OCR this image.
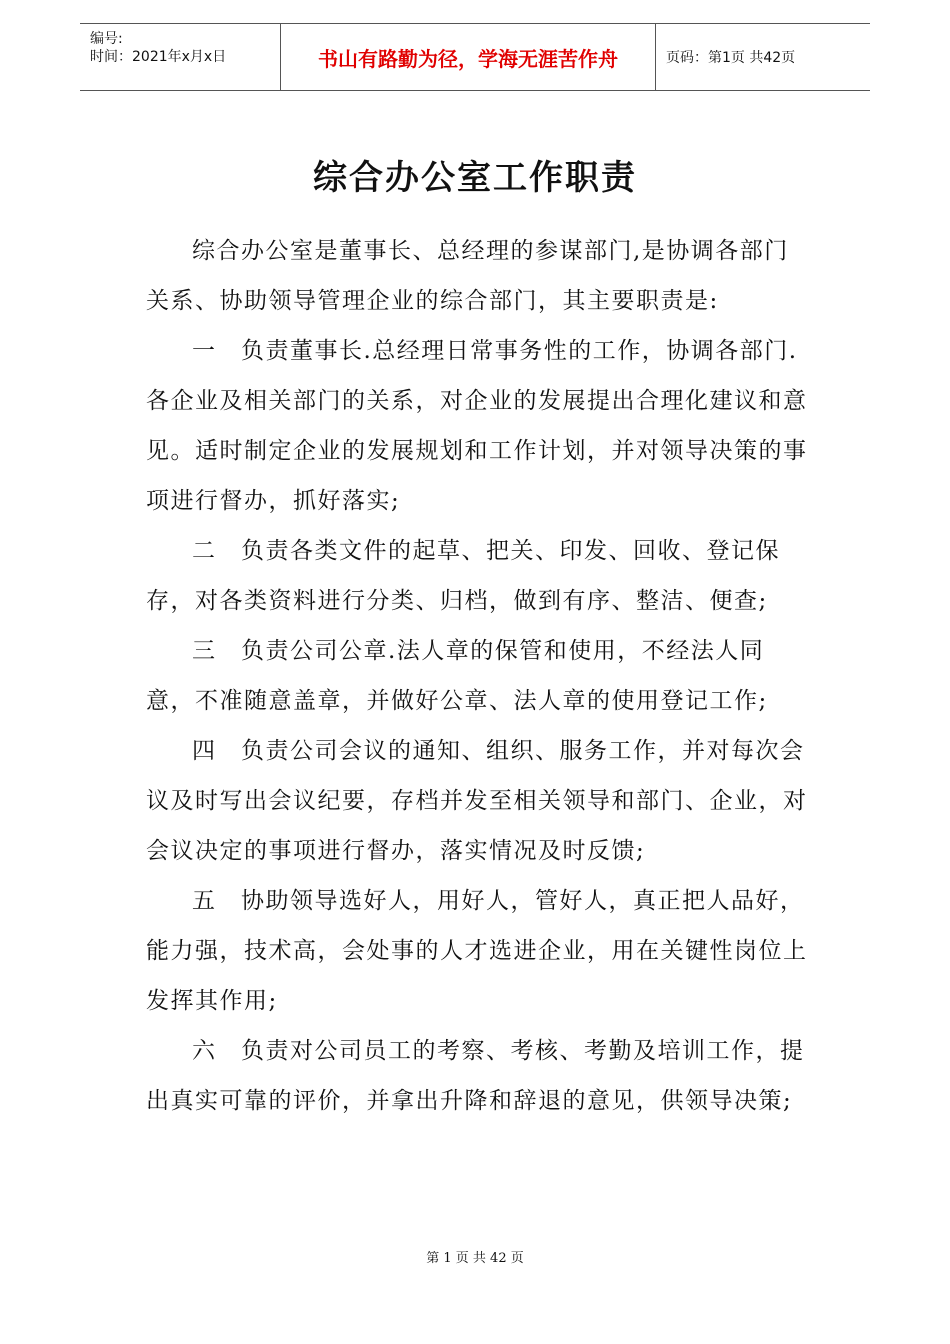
编号:
时间：2021年x月x日	书山有路勤为径，学海无涯苦作舟	页码：第1页 共42页
综合办公室工作职责

综合办公室是董事长、总经理的参谋部门,是协调各部门关系、协助领导管理企业的综合部门，其主要职责是:

一　负责董事长.总经理日常事务性的工作，协调各部门.各企业及相关部门的关系，对企业的发展提出合理化建议和意见。适时制定企业的发展规划和工作计划，并对领导决策的事项进行督办，抓好落实;

二　负责各类文件的起草、把关、印发、回收、登记保存，对各类资料进行分类、归档，做到有序、整洁、便查;

三　负责公司公章.法人章的保管和使用，不经法人同意，不准随意盖章，并做好公章、法人章的使用登记工作;

四　负责公司会议的通知、组织、服务工作，并对每次会议及时写出会议纪要，存档并发至相关领导和部门、企业，对会议决定的事项进行督办，落实情况及时反馈;

五　协助领导选好人，用好人，管好人，真正把人品好，能力强，技术高，会处事的人才选进企业，用在关键性岗位上发挥其作用;

六　负责对公司员工的考察、考核、考勤及培训工作，提出真实可靠的评价，并拿出升降和辞退的意见，供领导决策;

第 1 页 共 42 页
